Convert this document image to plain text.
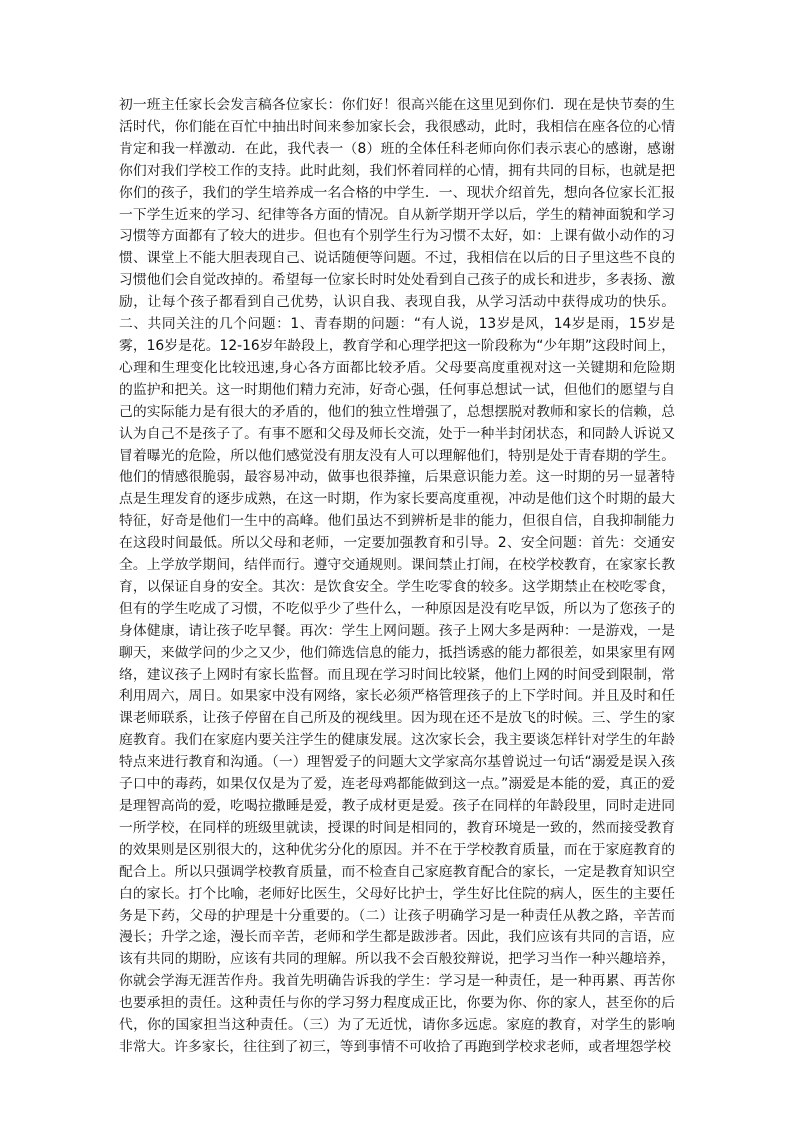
初一班主任家长会发言稿各位家长：你们好！很高兴能在这里见到你们．现在是快节奏的生活时代，你们能在百忙中抽出时间来参加家长会，我很感动，此时，我相信在座各位的心情肯定和我一样激动．在此，我代表一（8）班的全体任科老师向你们表示衷心的感谢，感谢你们对我们学校工作的支持。此时此刻，我们怀着同样的心情，拥有共同的目标，也就是把你们的孩子，我们的学生培养成一名合格的中学生．一、现状介绍首先，想向各位家长汇报一下学生近来的学习、纪律等各方面的情况。自从新学期开学以后，学生的精神面貌和学习习惯等方面都有了较大的进步。但也有个别学生行为习惯不太好，如：上课有做小动作的习惯、课堂上不能大胆表现自己、说话随便等问题。不过，我相信在以后的日子里这些不良的习惯他们会自觉改掉的。希望每一位家长时时处处看到自己孩子的成长和进步，多表扬、激励，让每个孩子都看到自己优势，认识自我、表现自我，从学习活动中获得成功的快乐。二、共同关注的几个问题：1、青春期的问题：“有人说，13岁是风，14岁是雨，15岁是雾，16岁是花。12-16岁年龄段上，教育学和心理学把这一阶段称为“少年期”这段时间上，心理和生理变化比较迅速,身心各方面都比较矛盾。父母要高度重视对这一关键期和危险期的监护和把关。这一时期他们精力充沛，好奇心强，任何事总想试一试，但他们的愿望与自己的实际能力是有很大的矛盾的，他们的独立性增强了，总想摆脱对教师和家长的信赖，总认为自己不是孩子了。有事不愿和父母及师长交流，处于一种半封闭状态，和同龄人诉说又冒着曝光的危险，所以他们感觉没有朋友没有人可以理解他们，特别是处于青春期的学生。他们的情感很脆弱，最容易冲动，做事也很莽撞，后果意识能力差。这一时期的另一显著特点是生理发育的逐步成熟，在这一时期，作为家长要高度重视，冲动是他们这个时期的最大特征，好奇是他们一生中的高峰。他们虽达不到辨析是非的能力，但很自信，自我抑制能力在这段时间最低。所以父母和老师，一定要加强教育和引导。2、安全问题：首先：交通安全。上学放学期间，结伴而行。遵守交通规则。课间禁止打闹，在校学校教育，在家家长教育，以保证自身的安全。其次：是饮食安全。学生吃零食的较多。这学期禁止在校吃零食，但有的学生吃成了习惯，不吃似乎少了些什么，一种原因是没有吃早饭，所以为了您孩子的身体健康，请让孩子吃早餐。再次：学生上网问题。孩子上网大多是两种：一是游戏，一是聊天，来做学问的少之又少，他们筛选信息的能力，抵挡诱惑的能力都很差，如果家里有网络，建议孩子上网时有家长监督。而且现在学习时间比较紧，他们上网的时间受到限制，常利用周六，周日。如果家中没有网络，家长必须严格管理孩子的上下学时间。并且及时和任课老师联系，让孩子停留在自己所及的视线里。因为现在还不是放飞的时候。三、学生的家庭教育。我们在家庭内要关注学生的健康发展。这次家长会，我主要谈怎样针对学生的年龄特点来进行教育和沟通。（一）理智爱子的问题大文学家高尔基曾说过一句话“溺爱是误入孩子口中的毒药，如果仅仅是为了爱，连老母鸡都能做到这一点。”溺爱是本能的爱，真正的爱是理智高尚的爱，吃喝拉撒睡是爱，教子成材更是爱。孩子在同样的年龄段里，同时走进同一所学校，在同样的班级里就读，授课的时间是相同的，教育环境是一致的，然而接受教育的效果则是区别很大的，这种优劣分化的原因。并不在于学校教育质量，而在于家庭教育的配合上。所以只强调学校教育质量，而不检查自己家庭教育配合的家长，一定是教育知识空白的家长。打个比喻，老师好比医生，父母好比护士，学生好比住院的病人，医生的主要任务是下药，父母的护理是十分重要的。（二）让孩子明确学习是一种责任从教之路，辛苦而漫长；升学之途，漫长而辛苦，老师和学生都是跋涉者。因此，我们应该有共同的言语，应该有共同的期盼，应该有共同的理解。所以我不会百般狡辩说，把学习当作一种兴趣培养，你就会学海无涯苦作舟。我首先明确告诉我的学生：学习是一种责任，是一种再累、再苦你也要承担的责任。这种责任与你的学习努力程度成正比，你要为你、你的家人，甚至你的后代，你的国家担当这种责任。（三）为了无近忧，请你多远虑。家庭的教育，对学生的影响非常大。许多家长，往往到了初三，等到事情不可收拾了再跑到学校求老师，或者埋怨学校
